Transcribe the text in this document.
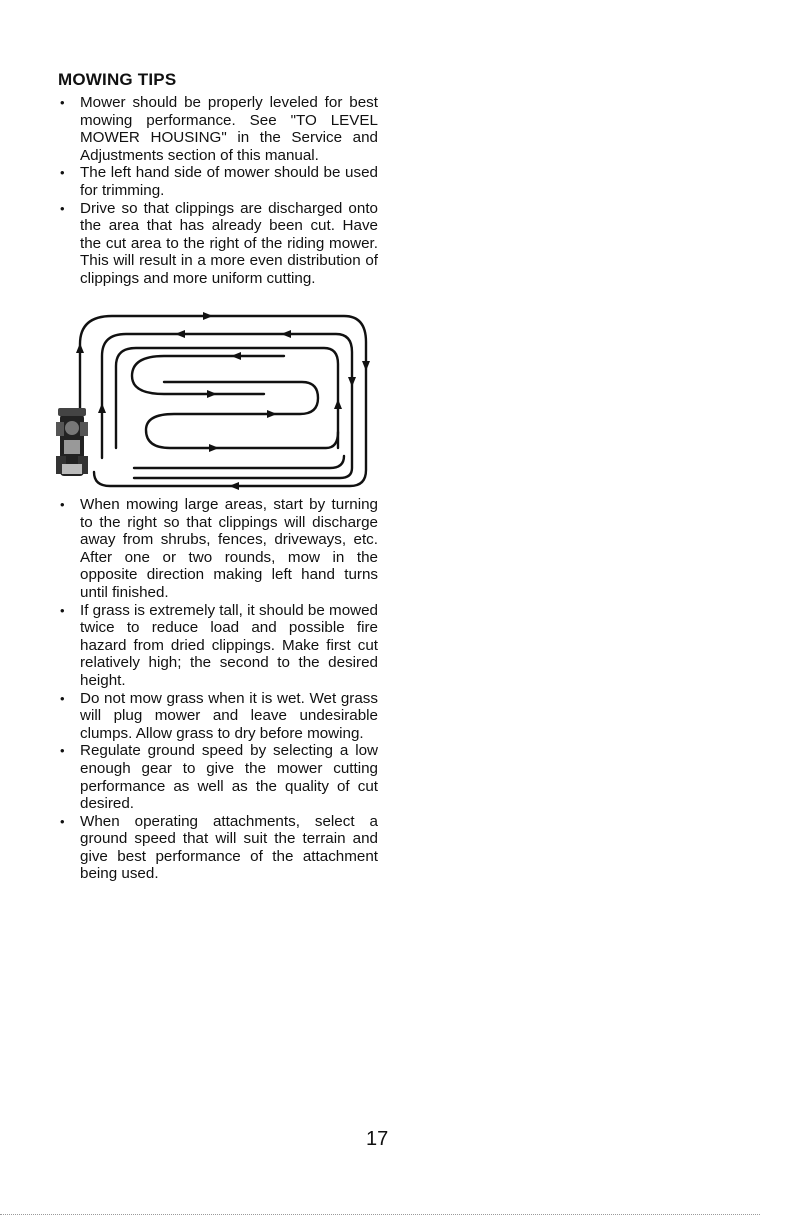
MOWING TIPS
• Mower should be properly leveled for best mowing performance. See "TO LEVEL MOWER HOUSING" in the Service and Adjustments section of this manual.
• The left hand side of mower should be used for trimming.
• Drive so that clippings are discharged onto the area that has already been cut. Have the cut area to the right of the riding mower. This will result in a more even distribution of clippings and more uniform cutting.
• When mowing large areas, start by turning to the right so that clippings will discharge away from shrubs, fences, driveways, etc. After one or two rounds, mow in the opposite direction making left hand turns until finished.
• If grass is extremely tall, it should be mowed twice to reduce load and possible fire hazard from dried clippings. Make first cut relatively high; the second to the desired height.
• Do not mow grass when it is wet. Wet grass will plug mower and leave undesirable clumps. Allow grass to dry before mowing.
• Regulate ground speed by selecting a low enough gear to give the mower cutting performance as well as the quality of cut desired.
• When operating attachments, select a ground speed that will suit the terrain and give best performance of the attachment being used.

17
